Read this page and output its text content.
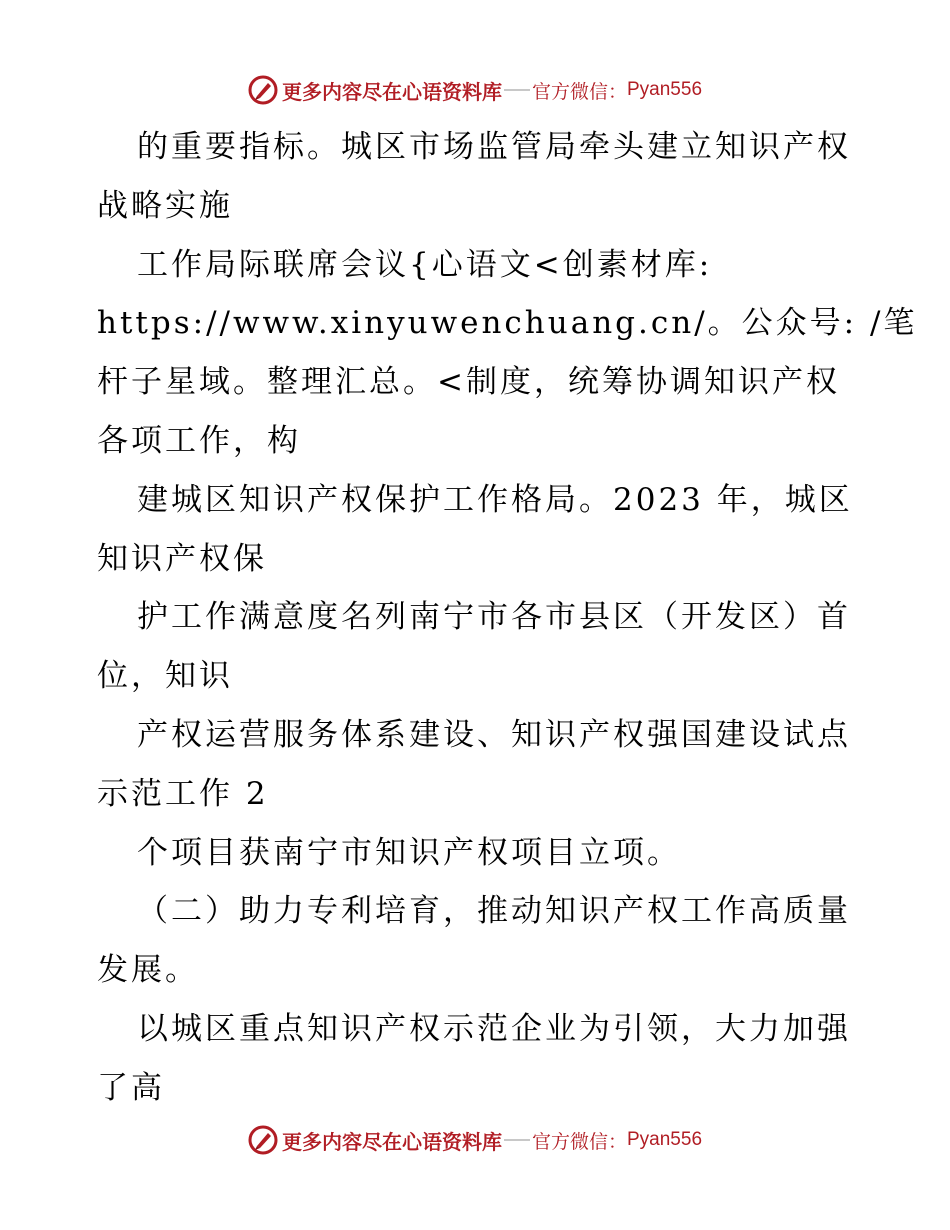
更多内容尽在心语资料库 官方微信： Pyan556

的重要指标。城区市场监管局牵头建立知识产权
战略实施

工作局际联席会议{心语文<创素材库:
https://www.xinyuwenchuang.cn/。公众号: /笔

杆子星域。整理汇总。<制度，统筹协调知识产权
各项工作，构

建城区知识产权保护工作格局。2023 年，城区
知识产权保

护工作满意度名列南宁市各市县区（开发区）首
位，知识

产权运营服务体系建设、知识产权强国建设试点
示范工作 2

个项目获南宁市知识产权项目立项。

（二）助力专利培育，推动知识产权工作高质量
发展。

以城区重点知识产权示范企业为引领，大力加强
了高

更多内容尽在心语资料库 官方微信： Pyan556
